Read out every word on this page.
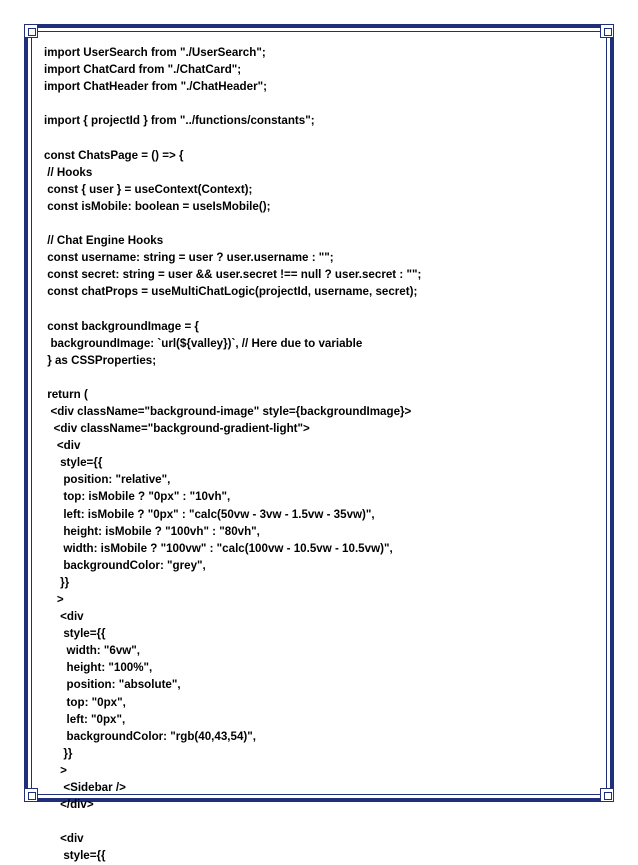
import UserSearch from "./UserSearch";
import ChatCard from "./ChatCard";
import ChatHeader from "./ChatHeader";
import { projectId } from "../functions/constants";
const ChatsPage = () => {
// Hooks
const { user } = useContext(Context);
const isMobile: boolean = useIsMobile();
// Chat Engine Hooks
const username: string = user ? user.username : "";
const secret: string = user && user.secret !== null ? user.secret : "";
const chatProps = useMultiChatLogic(projectId, username, secret);
const backgroundImage = {
backgroundImage: `url(${valley})`, // Here due to variable
} as CSSProperties;
return (
<div className="background-image" style={backgroundImage}>
<div className="background-gradient-light">
<div
style={{
position: "relative",
top: isMobile ? "0px" : "10vh",
left: isMobile ? "0px" : "calc(50vw - 3vw - 1.5vw - 35vw)",
height: isMobile ? "100vh" : "80vh",
width: isMobile ? "100vw" : "calc(100vw - 10.5vw - 10.5vw)",
backgroundColor: "grey",
}}
>
<div
style={{
width: "6vw",
height: "100%",
position: "absolute",
top: "0px",
left: "0px",
backgroundColor: "rgb(40,43,54)",
}}
>
<Sidebar />
</div>
<div
style={{
